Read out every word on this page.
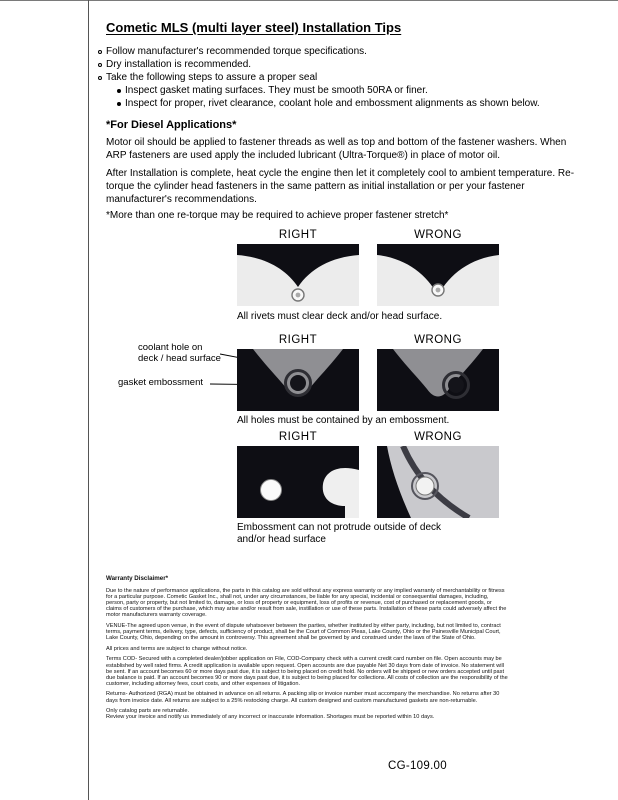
Cometic MLS (multi layer steel) Installation Tips
Follow manufacturer's recommended torque specifications.
Dry installation is recommended.
Take the following steps to assure a proper seal
Inspect gasket mating surfaces. They must be smooth 50RA or finer.
Inspect for proper, rivet clearance, coolant hole and embossment alignments as shown below.
*For Diesel Applications*

Motor oil should be applied to fastener threads as well as top and bottom of the fastener washers. When ARP fasteners are used apply the included lubricant (Ultra-Torque®) in place of motor oil.

After Installation is complete, heat cycle the engine then let it completely cool to ambient temperature. Re-torque the cylinder head fasteners in the same pattern as initial installation or per your fastener manufacturer's recommendations.

*More than one re-torque may be required to achieve proper fastener stretch*

RIGHT	WRONG

All rivets must clear deck and/or head surface.

RIGHT	WRONG
coolant hole on
deck / head surface
gasket embossment

All holes must be contained by an embossment.

RIGHT	WRONG
Embossment can not protrude outside of deck
and/or head surface
Warranty Disclaimer*

Due to the nature of performance applications, the parts in this catalog are sold without any express warranty or any implied warranty of merchantability or fitness for a particular purpose. Cometic Gasket Inc., shall not, under any circumstances, be liable for any special, incidental or consequential damages, including, person, party or property, but not limited to, damage, or loss of property or equipment, loss of profits or revenue, cost of purchased or replacement goods, or claims of customers of the purchase, which may arise and/or result from sale, instillation or use of these parts. Installation of these parts could adversely affect the motor manufacturers warranty coverage.

VENUE-The agreed upon venue, in the event of dispute whatsoever between the parties, whether instituted by either party, including, but not limited to, contract terms, payment terms, delivery, type, defects, sufficiency of product, shall be the Court of Common Pleas, Lake County, Ohio or the Painesville Municipal Court, Lake County, Ohio, depending on the amount in controversy. This agreement shall be governed by and construed under the laws of the State of Ohio.

All prices and terms are subject to change without notice.

Terms COD- Secured with a completed dealer/jobber application on File, COD-Company check with a current credit card number on file. Open accounts may be established by well rated firms. A credit application is available upon request. Open accounts are due payable Net 30 days from date of invoice. No statement will be sent. If an account becomes 60 or more days past due, it is subject to being placed on credit hold. No orders will be shipped or new orders accepted until past due balance is paid. If an account becomes 90 or more days past due, it is subject to being placed for collections. All costs of collection are the responsibility of the customer, including attorney fees, court costs, and other expenses of litigation.

Returns- Authorized (RGA) must be obtained in advance on all returns. A packing slip or invoice number must accompany the merchandise. No returns after 30 days from invoice date. All returns are subject to a 25% restocking charge. All custom designed and custom manufactured gaskets are non-returnable.

Only catalog parts are returnable.

Review your invoice and notify us immediately of any incorrect or inaccurate information. Shortages must be reported within 10 days.

CG-109.00
